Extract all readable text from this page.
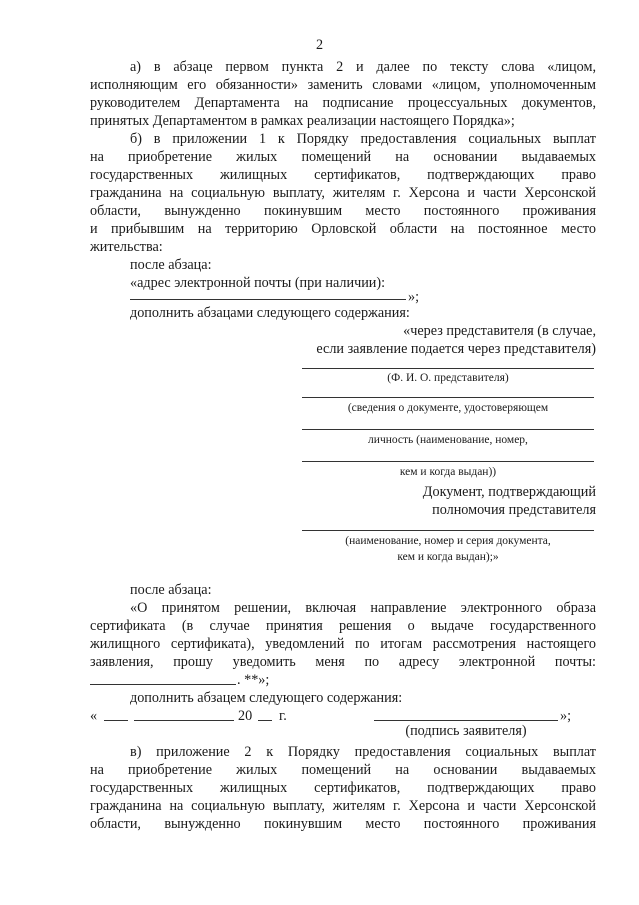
2
а) в абзаце первом пункта 2 и далее по тексту слова «лицом,
исполняющим его обязанности» заменить словами «лицом, уполномоченным
руководителем Департамента на подписание процессуальных документов,
принятых Департаментом в рамках реализации настоящего Порядка»;
б) в приложении 1 к Порядку предоставления социальных выплат
на приобретение жилых помещений на основании выдаваемых
государственных жилищных сертификатов, подтверждающих право
гражданина на социальную выплату, жителям г. Херсона и части Херсонской
области, вынужденно покинувшим место постоянного проживания
и прибывшим на территорию Орловской области на постоянное место
жительства:
после абзаца:
«адрес электронной почты (при наличии):
»;
дополнить абзацами следующего содержания:
«через представителя (в случае,
если заявление подается через представителя)
(Ф. И. О. представителя)
(сведения о документе, удостоверяющем
личность (наименование, номер,
кем и когда выдан))
Документ, подтверждающий
полномочия представителя
(наименование, номер и серия документа,
кем и когда выдан);»
после абзаца:
«О принятом решении, включая направление электронного образа
сертификата (в случае принятия решения о выдаче государственного
жилищного сертификата), уведомлений по итогам рассмотрения настоящего
заявления, прошу уведомить меня по адресу электронной почты:
. **»;
дополнить абзацем следующего содержания:
«	20	г.	»;
(подпись заявителя)
в) приложение 2 к Порядку предоставления социальных выплат
на приобретение жилых помещений на основании выдаваемых
государственных жилищных сертификатов, подтверждающих право
гражданина на социальную выплату, жителям г. Херсона и части Херсонской
области, вынужденно покинувшим место постоянного проживания
